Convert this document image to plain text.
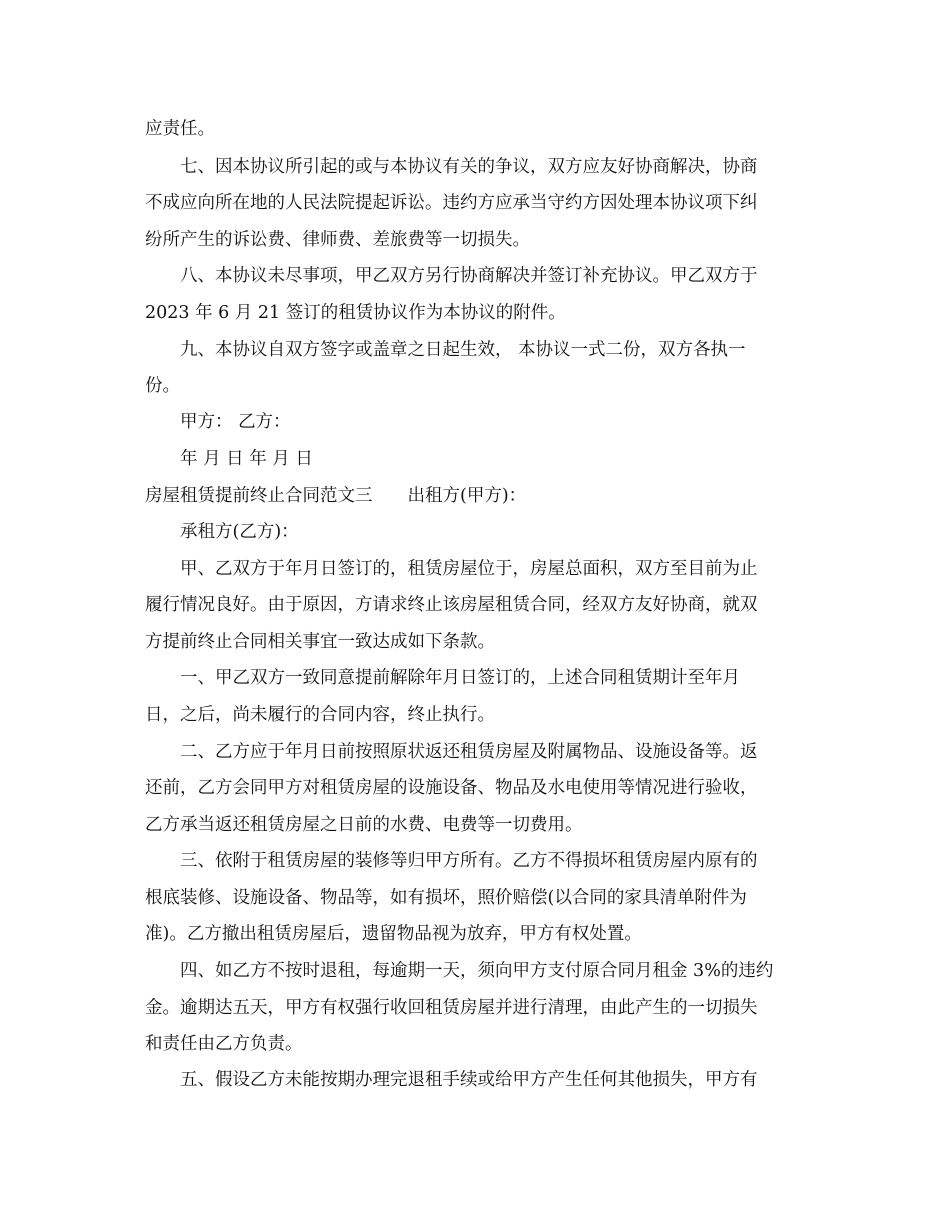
应责任。
七、因本协议所引起的或与本协议有关的争议，双方应友好协商解决，协商
不成应向所在地的人民法院提起诉讼。违约方应承当守约方因处理本协议项下纠
纷所产生的诉讼费、律师费、差旅费等一切损失。
八、本协议未尽事项，甲乙双方另行协商解决并签订补充协议。甲乙双方于
2023 年 6 月 21 签订的租赁协议作为本协议的附件。
九、本协议自双方签字或盖章之日起生效， 本协议一式二份，双方各执一
份。
甲方： 乙方：
年 月 日 年 月 日
房屋租赁提前终止合同范文三　　出租方(甲方)：
承租方(乙方)：
甲、乙双方于年月日签订的，租赁房屋位于，房屋总面积，双方至目前为止
履行情况良好。由于原因，方请求终止该房屋租赁合同，经双方友好协商，就双
方提前终止合同相关事宜一致达成如下条款。
一、甲乙双方一致同意提前解除年月日签订的，上述合同租赁期计至年月
日，之后，尚未履行的合同内容，终止执行。
二、乙方应于年月日前按照原状返还租赁房屋及附属物品、设施设备等。返
还前，乙方会同甲方对租赁房屋的设施设备、物品及水电使用等情况进行验收，
乙方承当返还租赁房屋之日前的水费、电费等一切费用。
三、依附于租赁房屋的装修等归甲方所有。乙方不得损坏租赁房屋内原有的
根底装修、设施设备、物品等，如有损坏，照价赔偿(以合同的家具清单附件为
准)。乙方撤出租赁房屋后，遗留物品视为放弃，甲方有权处置。
四、如乙方不按时退租，每逾期一天，须向甲方支付原合同月租金 3%的违约
金。逾期达五天，甲方有权强行收回租赁房屋并进行清理，由此产生的一切损失
和责任由乙方负责。
五、假设乙方未能按期办理完退租手续或给甲方产生任何其他损失，甲方有
